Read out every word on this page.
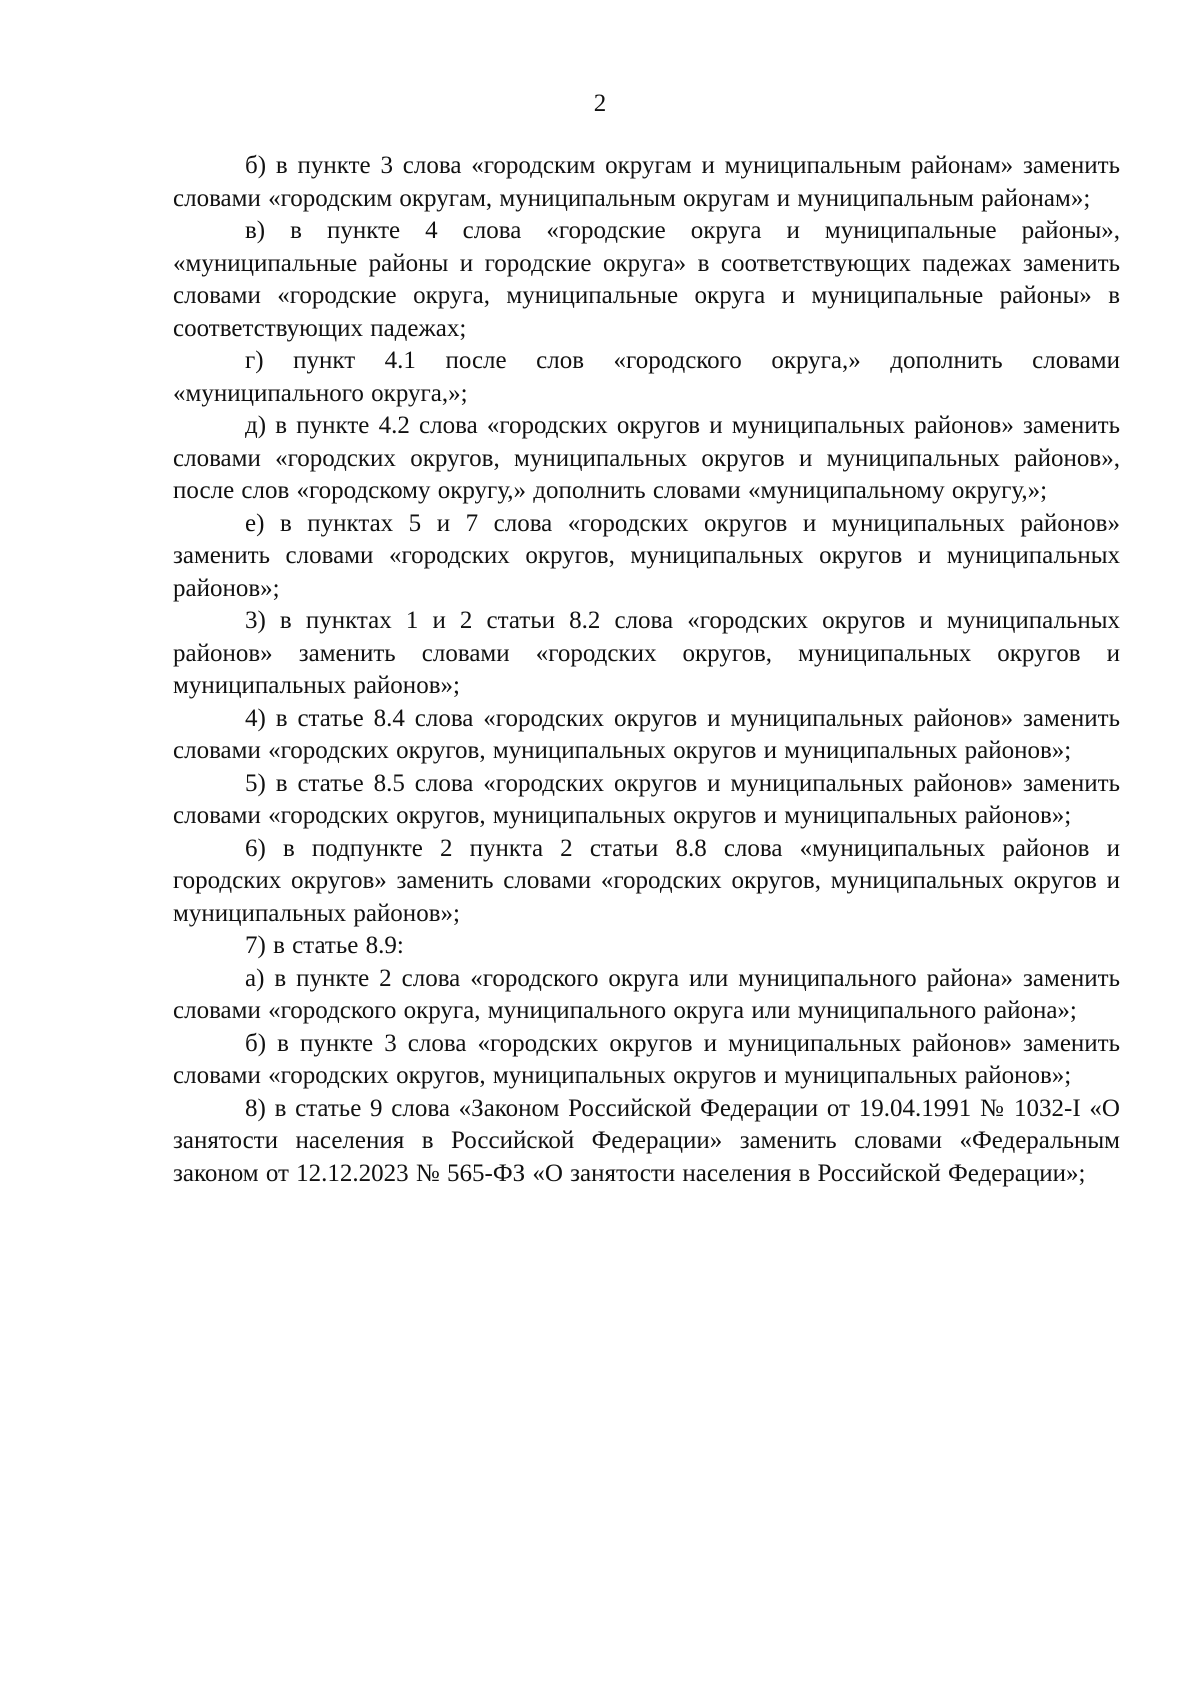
2

б) в пункте 3 слова «городским округам и муниципальным районам» заменить словами «городским округам, муниципальным округам и муниципальным районам»;

в) в пункте 4 слова «городские округа и муниципальные районы», «муниципальные районы и городские округа» в соответствующих падежах заменить словами «городские округа, муниципальные округа и муниципальные районы» в соответствующих падежах;

г) пункт 4.1 после слов «городского округа,» дополнить словами «муниципального округа,»;

д) в пункте 4.2 слова «городских округов и муниципальных районов» заменить словами «городских округов, муниципальных округов и муниципальных районов», после слов «городскому округу,» дополнить словами «муниципальному округу,»;

е) в пунктах 5 и 7 слова «городских округов и муниципальных районов» заменить словами «городских округов, муниципальных округов и муниципальных районов»;

3) в пунктах 1 и 2 статьи 8.2 слова «городских округов и муниципальных районов» заменить словами «городских округов, муниципальных округов и муниципальных районов»;

4) в статье 8.4 слова «городских округов и муниципальных районов» заменить словами «городских округов, муниципальных округов и муниципальных районов»;

5) в статье 8.5 слова «городских округов и муниципальных районов» заменить словами «городских округов, муниципальных округов и муниципальных районов»;

6) в подпункте 2 пункта 2 статьи 8.8 слова «муниципальных районов и городских округов» заменить словами «городских округов, муниципальных округов и муниципальных районов»;

7) в статье 8.9:

а) в пункте 2 слова «городского округа или муниципального района» заменить словами «городского округа, муниципального округа или муниципального района»;

б) в пункте 3 слова «городских округов и муниципальных районов» заменить словами «городских округов, муниципальных округов и муниципальных районов»;

8) в статье 9 слова «Законом Российской Федерации от 19.04.1991 № 1032-I «О занятости населения в Российской Федерации» заменить словами «Федеральным законом от 12.12.2023 № 565-ФЗ «О занятости населения в Российской Федерации»;
